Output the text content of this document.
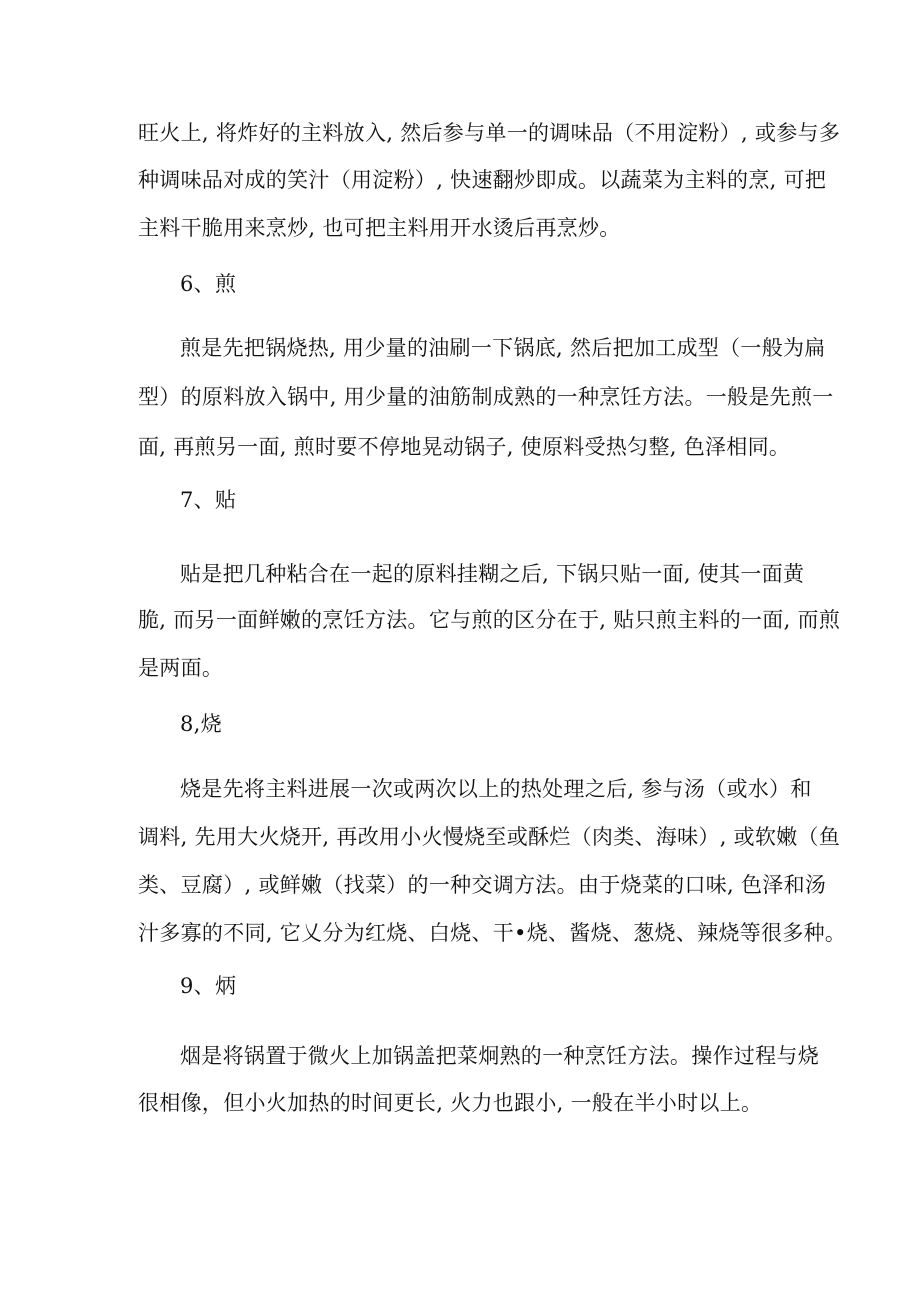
旺火上, 将炸好的主料放入, 然后参与单一的调味品（不用淀粉）, 或参与多
种调味品对成的笑汁（用淀粉）, 快速翻炒即成。以蔬菜为主料的烹, 可把
主料干脆用来烹炒, 也可把主料用开水烫后再烹炒。
6、煎
煎是先把锅烧热, 用少量的油刷一下锅底, 然后把加工成型（一般为扁
型）的原料放入锅中, 用少量的油筋制成熟的一种烹饪方法。一般是先煎一
面, 再煎另一面, 煎时要不停地晃动锅子, 使原料受热匀整, 色泽相同。
7、贴
贴是把几种粘合在一起的原料挂糊之后, 下锅只贴一面, 使其一面黄
脆, 而另一面鲜嫩的烹饪方法。它与煎的区分在于, 贴只煎主料的一面, 而煎
是两面。
8,烧
烧是先将主料进展一次或两次以上的热处理之后, 参与汤（或水）和
调料, 先用大火烧开, 再改用小火慢烧至或酥烂（肉类、海味）, 或软嫩（鱼
类、豆腐）, 或鲜嫩（找菜）的一种交调方法。由于烧菜的口味, 色泽和汤
汁多寡的不同, 它乂分为红烧、白烧、干•烧、酱烧、葱烧、辣烧等很多种。
9、炳
烟是将锅置于微火上加锅盖把菜炯熟的一种烹饪方法。操作过程与烧
很相像，但小火加热的时间更长, 火力也跟小, 一般在半小时以上。
